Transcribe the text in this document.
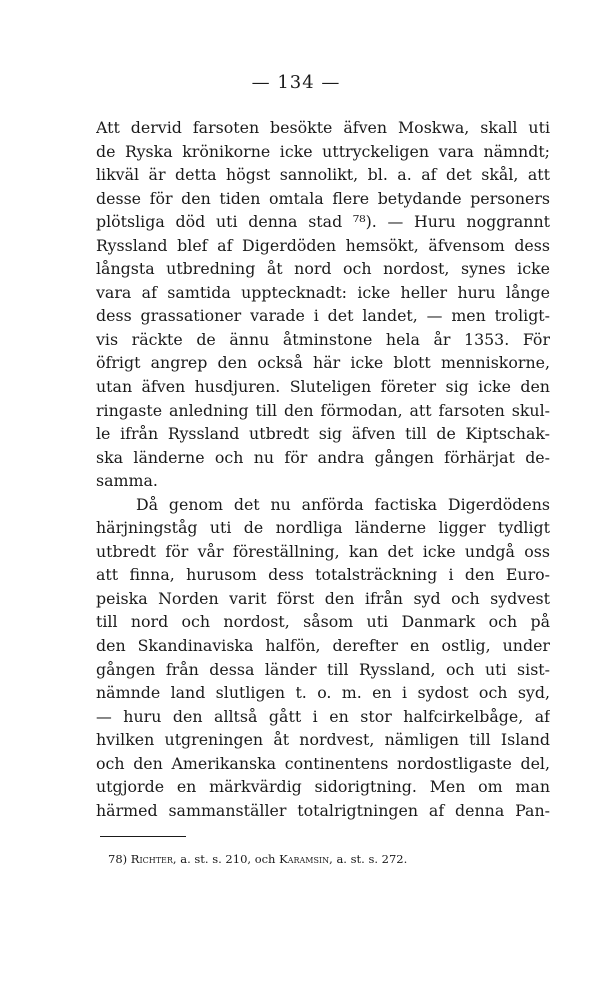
— 134 —
Att dervid farsoten besökte äfven Moskwa, skall uti
de Ryska krönikorne icke uttryckeligen vara nämndt;
likväl är detta högst sannolikt, bl. a. af det skål, att
desse för den tiden omtala flere betydande personers
plötsliga död uti denna stad ⁷⁸). — Huru noggrannt
Ryssland blef af Digerdöden hemsökt, äfvensom dess
långsta utbredning åt nord och nordost, synes icke
vara af samtida upptecknadt: icke heller huru långe
dess grassationer varade i det landet, — men troligt-
vis räckte de ännu åtminstone hela år 1353. För
öfrigt angrep den också här icke blott menniskorne,
utan äfven husdjuren. Sluteligen företer sig icke den
ringaste anledning till den förmodan, att farsoten skul-
le ifrån Ryssland utbredt sig äfven till de Kiptschak-
ska länderne och nu för andra gången förhärjat de-
samma.
Då genom det nu anförda factiska Digerdödens
härjningståg uti de nordliga länderne ligger tydligt
utbredt för vår föreställning, kan det icke undgå oss
att finna, hurusom dess totalsträckning i den Euro-
peiska Norden varit först den ifrån syd och sydvest
till nord och nordost, såsom uti Danmark och på
den Skandinaviska halfön, derefter en ostlig, under
gången från dessa länder till Ryssland, och uti sist-
nämnde land slutligen t. o. m. en i sydost och syd,
— huru den alltså gått i en stor halfcirkelbåge, af
hvilken utgreningen åt nordvest, nämligen till Island
och den Amerikanska continentens nordostligaste del,
utgjorde en märkvärdig sidorigtning. Men om man
härmed sammanställer totalrigtningen af denna Pan-
78) Richter, a. st. s. 210, och Karamsin, a. st. s. 272.
